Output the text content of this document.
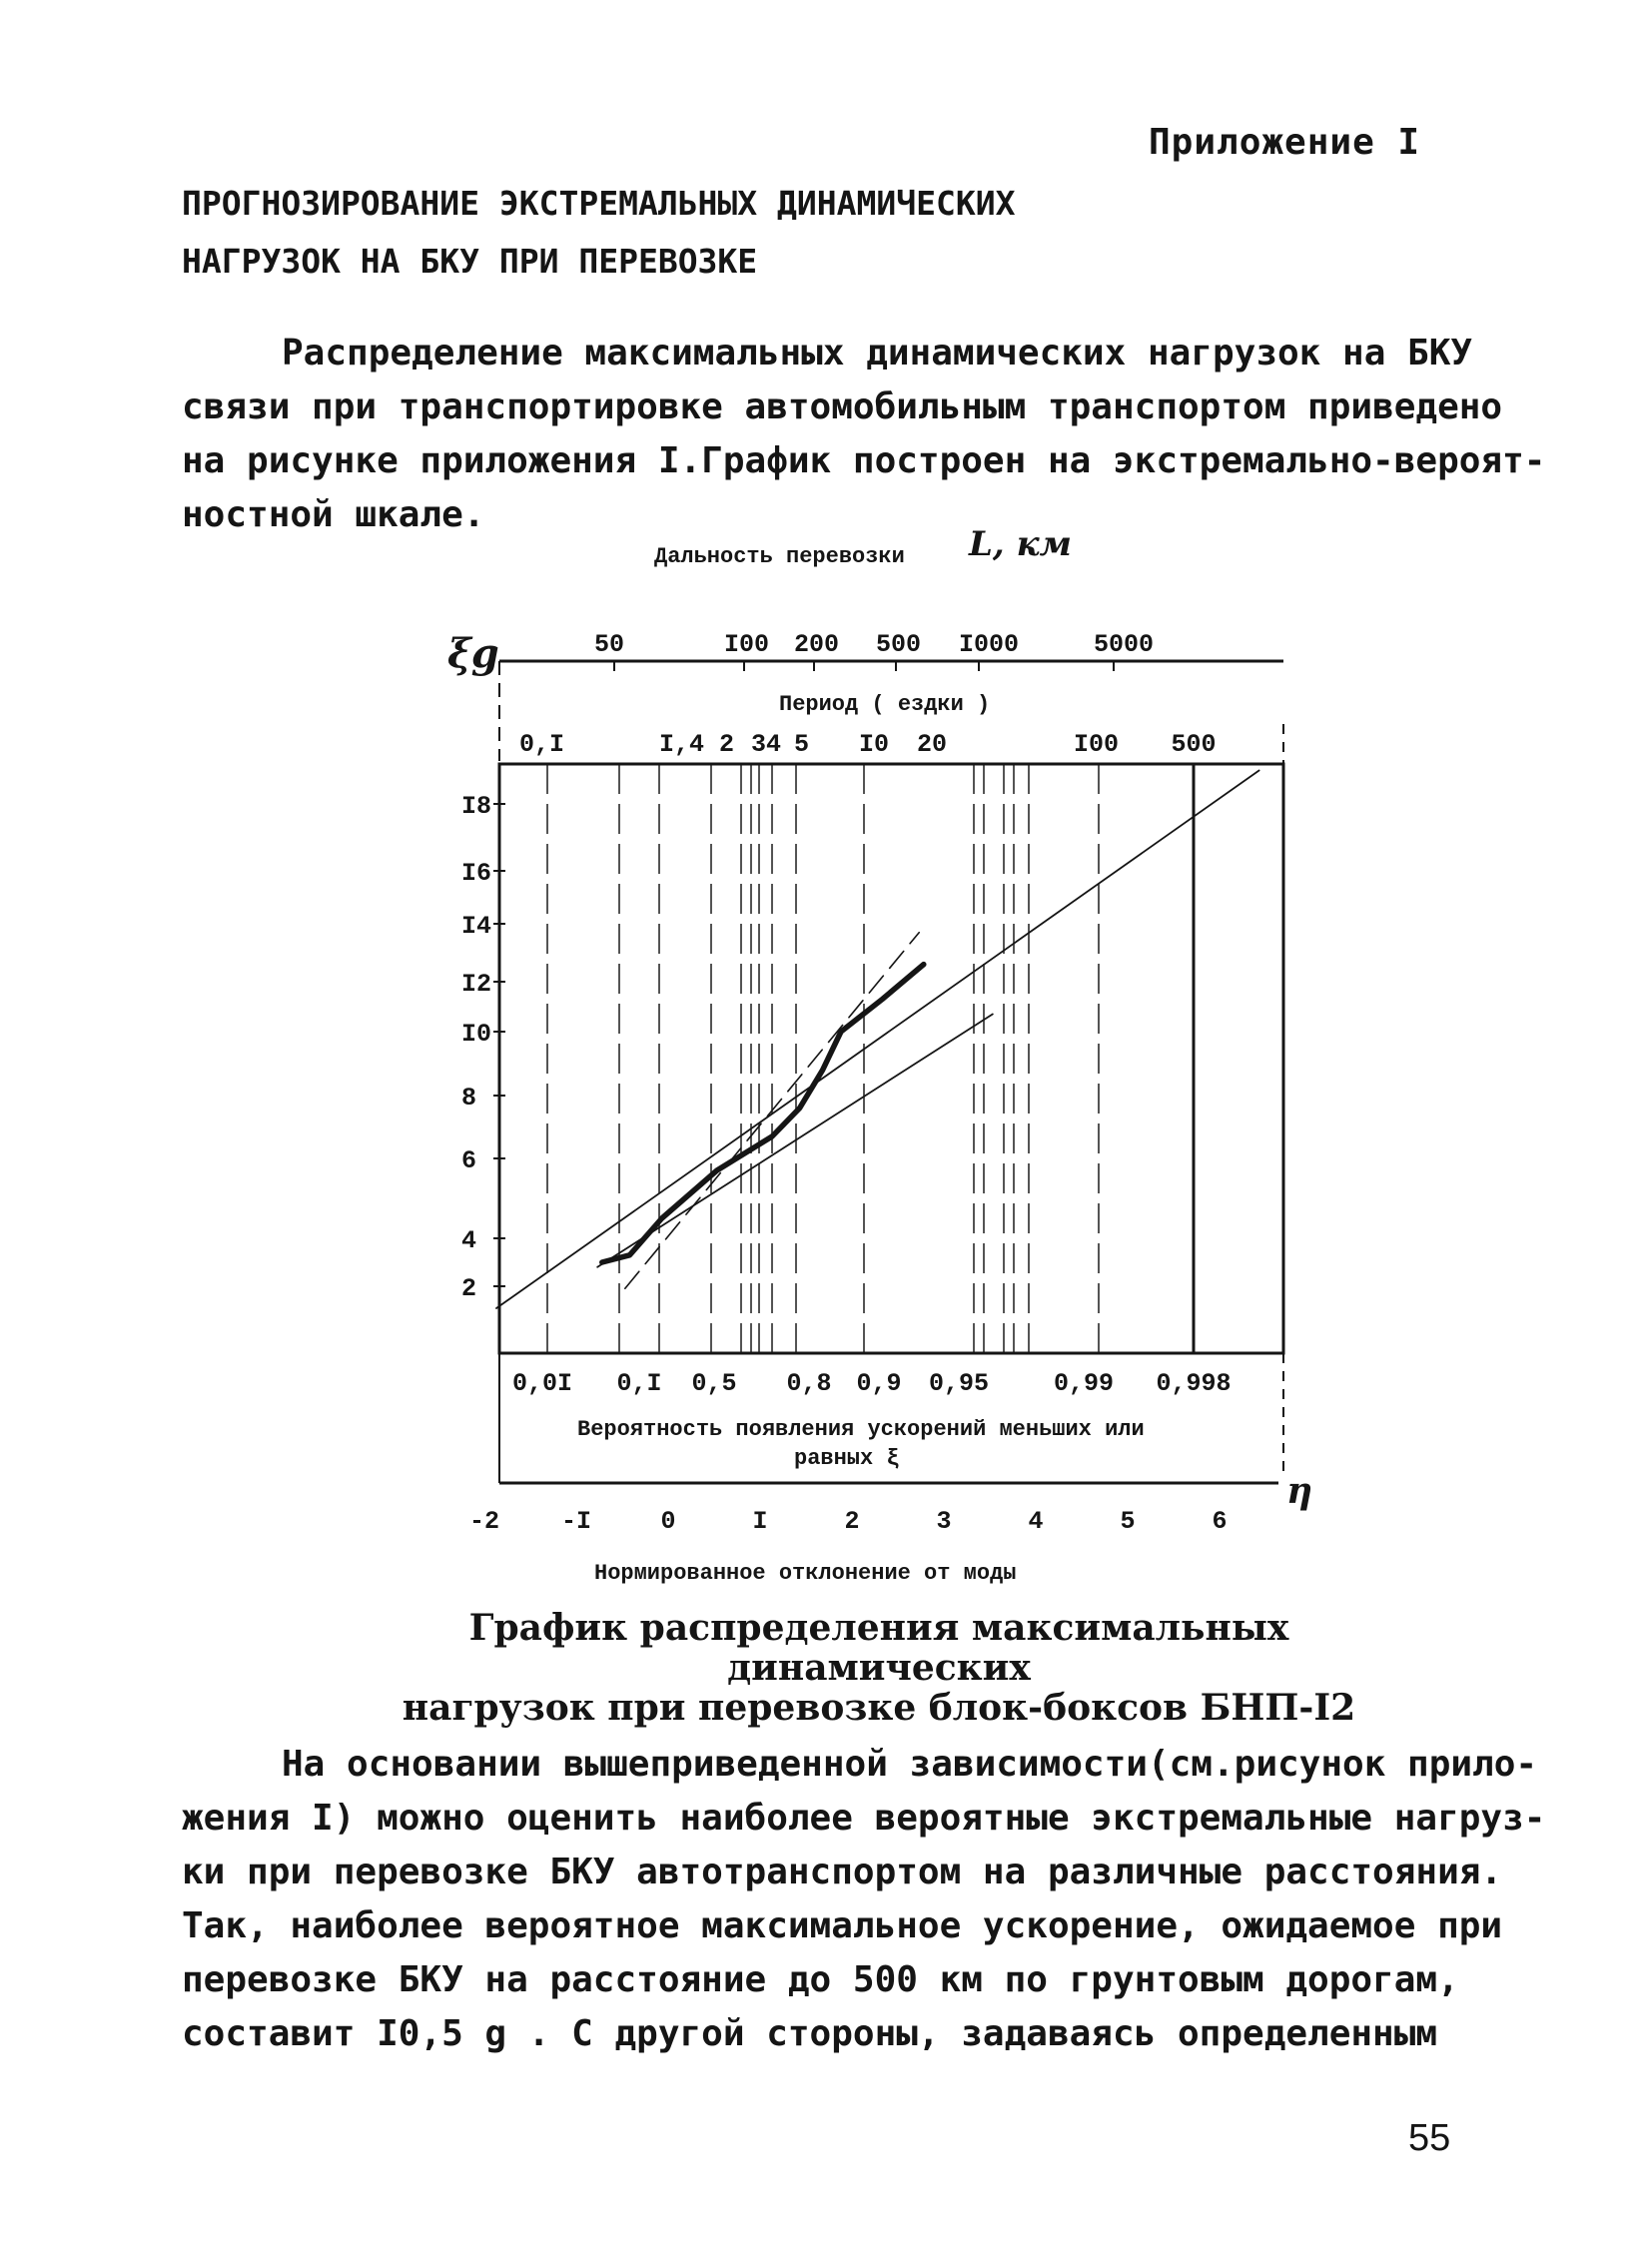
Приложение I
ПРОГНОЗИРОВАНИЕ ЭКСТРЕМАЛЬНЫХ ДИНАМИЧЕСКИХ
НАГРУЗОК НА БКУ ПРИ ПЕРЕВОЗКЕ
Распределение максимальных динамических нагрузок на БКУ
связи при транспортировке автомобильным транспортом приведено
на рисунке приложения I.График построен на экстремально-вероят-
ностной шкале.
Дальность перевозки L, км
ξg
Период ( ездки )
Вероятность появления ускорений меньших или
равных ξ
η
Нормированное отклонение от моды
2
4
6
8
I0
I2
I4
I6
I8
50	I00 200 500 I000	5000
0,I	I,4 2 34 5 I0 20	I00 500
0,0I 0,I 0,5 0,8 0,9 0,95	0,99 0,998
-2 -I	0	I	2	3	4	5	6
График распределения максимальных динамических
нагрузок при перевозке блок-боксов БНП-I2
На основании вышеприведенной зависимости(см.рисунок прило-
жения I) можно оценить наиболее вероятные экстремальные нагруз-
ки при перевозке БКУ автотранспортом на различные расстояния.
Так, наиболее вероятное максимальное ускорение, ожидаемое при
перевозке БКУ на расстояние до 500 км по грунтовым дорогам,
составит I0,5 g . С другой стороны, задаваясь определенным
55
